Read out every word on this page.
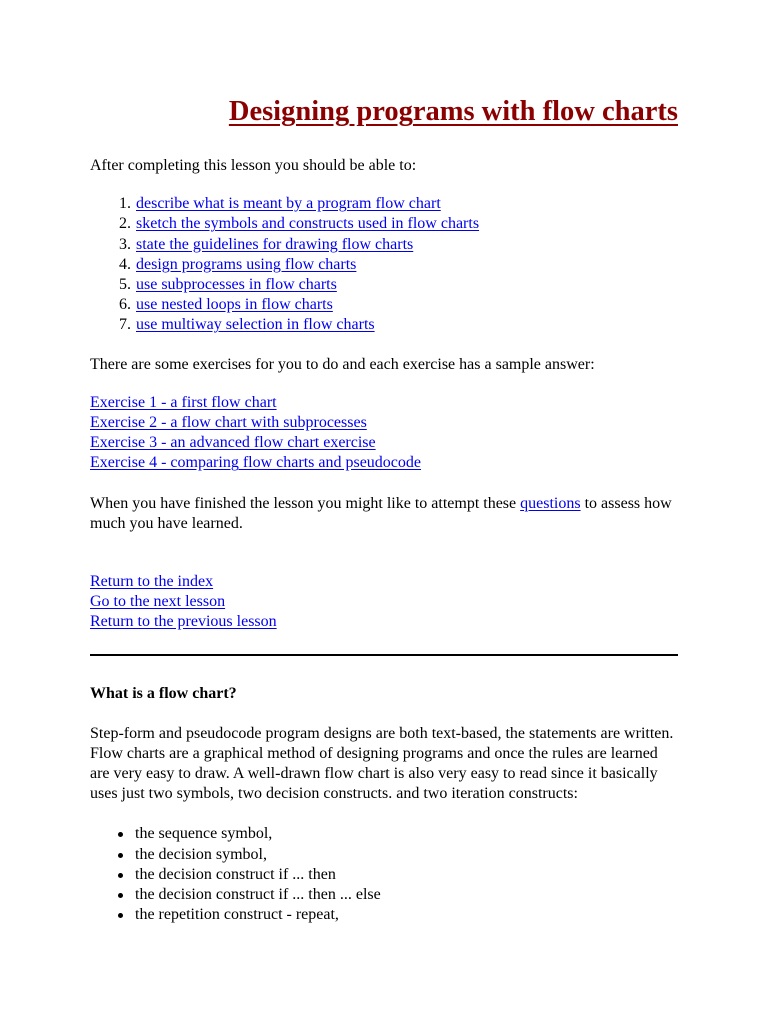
Designing programs with flow charts

After completing this lesson you should be able to:

1. describe what is meant by a program flow chart
2. sketch the symbols and constructs used in flow charts
3. state the guidelines for drawing flow charts
4. design programs using flow charts
5. use subprocesses in flow charts
6. use nested loops in flow charts
7. use multiway selection in flow charts

There are some exercises for you to do and each exercise has a sample answer:

Exercise 1 - a first flow chart
Exercise 2 - a flow chart with subprocesses
Exercise 3 - an advanced flow chart exercise
Exercise 4 - comparing flow charts and pseudocode

When you have finished the lesson you might like to attempt these questions to assess how much you have learned.

Return to the index
Go to the next lesson
Return to the previous lesson
What is a flow chart?

Step-form and pseudocode program designs are both text-based, the statements are written. Flow charts are a graphical method of designing programs and once the rules are learned are very easy to draw. A well-drawn flow chart is also very easy to read since it basically uses just two symbols, two decision constructs. and two iteration constructs:

the sequence symbol,
the decision symbol,
the decision construct if ... then
the decision construct if ... then ... else
the repetition construct - repeat,
